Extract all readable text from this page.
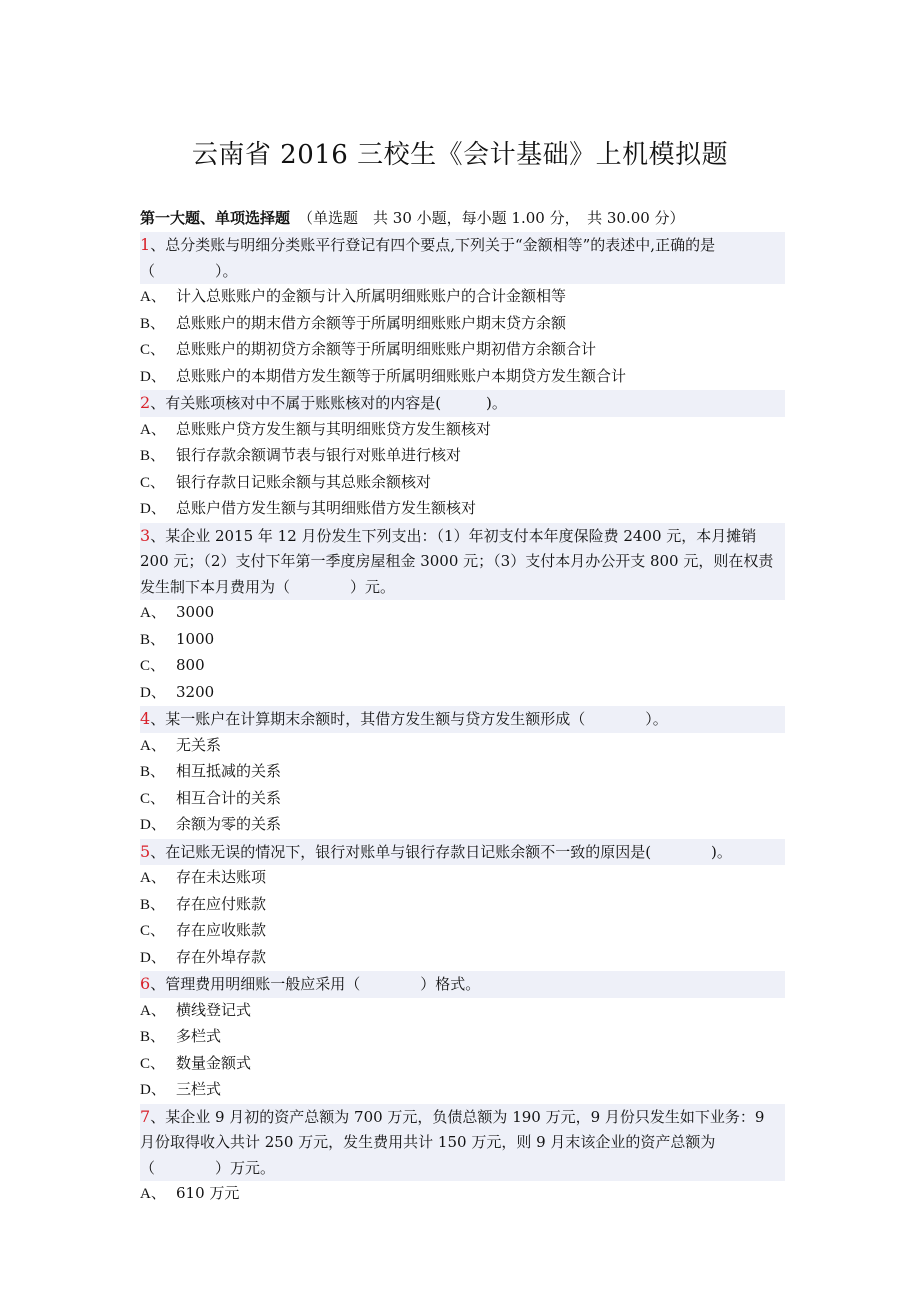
云南省 2016 三校生《会计基础》上机模拟题
第一大题、单项选择题 （单选题　共 30 小题，每小题 1.00 分，　共 30.00 分）

1、总分类账与明细分类账平行登记有四个要点,下列关于“金额相等”的表述中,正确的是（　　　　）。

A、 计入总账账户的金额与计入所属明细账账户的合计金额相等

B、 总账账户的期末借方余额等于所属明细账账户期末贷方余额

C、 总账账户的期初贷方余额等于所属明细账账户期初借方余额合计

D、 总账账户的本期借方发生额等于所属明细账账户本期贷方发生额合计

2、有关账项核对中不属于账账核对的内容是(　　　)。

A、 总账账户贷方发生额与其明细账贷方发生额核对

B、 银行存款余额调节表与银行对账单进行核对

C、 银行存款日记账余额与其总账余额核对

D、 总账户借方发生额与其明细账借方发生额核对

3、某企业 2015 年 12 月份发生下列支出：（1）年初支付本年度保险费 2400 元，本月摊销 200 元；（2）支付下年第一季度房屋租金 3000 元；（3）支付本月办公开支 800 元，则在权责发生制下本月费用为（　　　　）元。

A、 3000

B、 1000

C、 800

D、 3200

4、某一账户在计算期末余额时，其借方发生额与贷方发生额形成（　　　　）。

A、 无关系

B、 相互抵减的关系

C、 相互合计的关系

D、 余额为零的关系

5、在记账无误的情况下，银行对账单与银行存款日记账余额不一致的原因是(　　　　)。

A、 存在未达账项

B、 存在应付账款

C、 存在应收账款

D、 存在外埠存款

6、管理费用明细账一般应采用（　　　　）格式。

A、 横线登记式

B、 多栏式

C、 数量金额式

D、 三栏式

7、某企业 9 月初的资产总额为 700 万元，负债总额为 190 万元，9 月份只发生如下业务：9 月份取得收入共计 250 万元，发生费用共计 150 万元，则 9 月末该企业的资产总额为（　　　　）万元。

A、 610 万元
